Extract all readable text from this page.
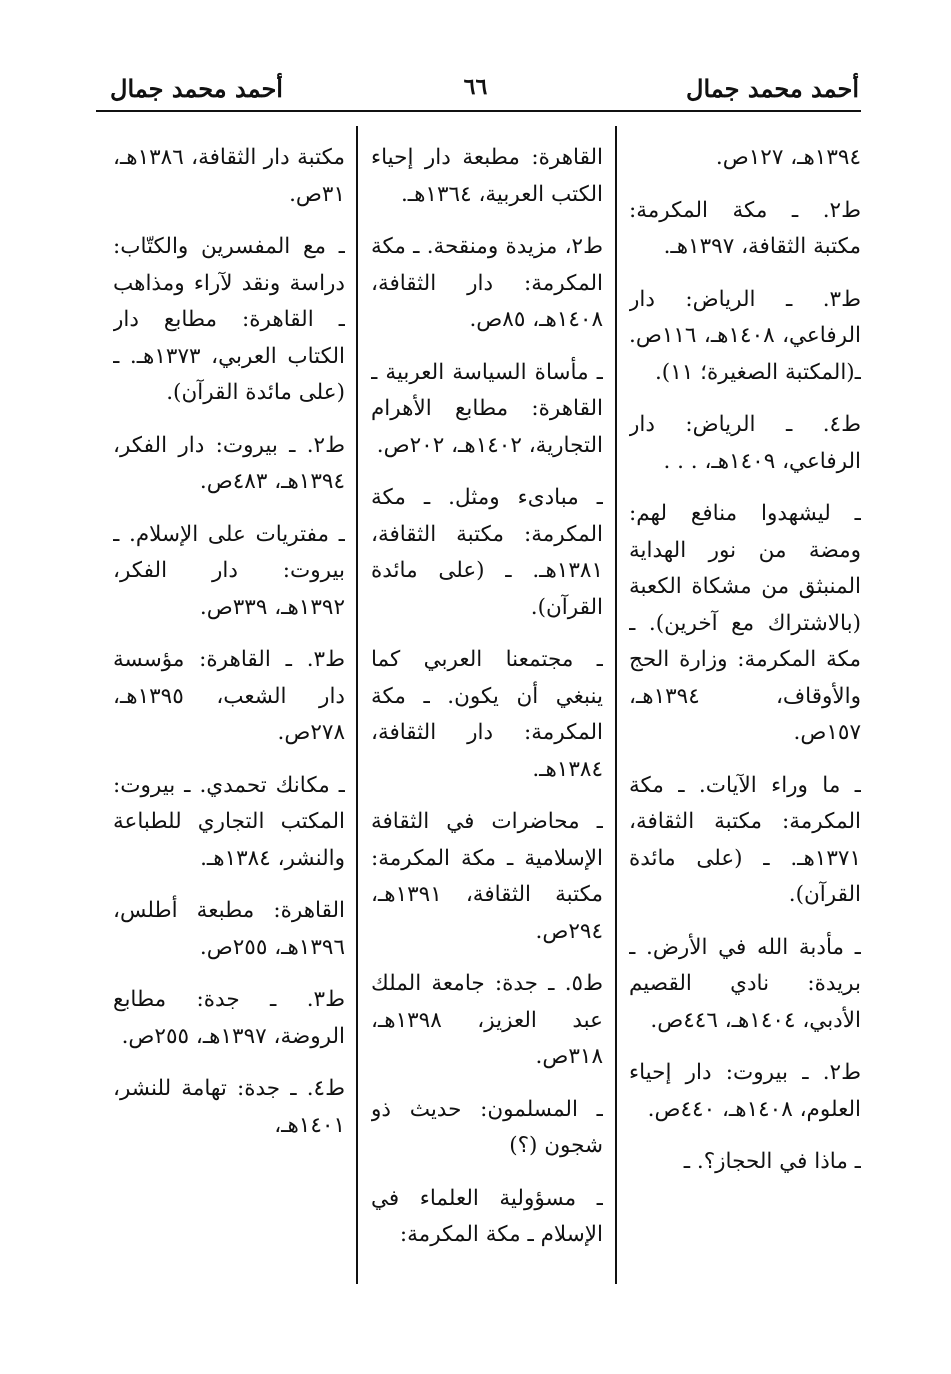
أحمد محمد جمال
٦٦
أحمد محمد جمال

١٣٩٤هـ، ١٢٧ص.

ط٢. ـ مكة المكرمة: مكتبة الثقافة، ١٣٩٧هـ.

ط٣. ـ الرياض: دار الرفاعي، ١٤٠٨هـ، ١١٦ص. ـ(المكتبة الصغيرة؛ ١١).

ط٤. ـ الرياض: دار الرفاعي، ١٤٠٩هـ، . . .

ـ ليشهدوا منافع لهم: ومضة من نور الهداية المنبثق من مشكاة الكعبة (بالاشتراك مع آخرين). ـ مكة المكرمة: وزارة الحج والأوقاف، ١٣٩٤هـ، ١٥٧ص.

ـ ما وراء الآيات. ـ مكة المكرمة: مكتبة الثقافة، ١٣٧١هـ. ـ (على مائدة القرآن).

ـ مأدبة الله في الأرض. ـ بريدة: نادي القصيم الأدبي، ١٤٠٤هـ، ٤٤٦ص.

ط٢. ـ بيروت: دار إحياء العلوم، ١٤٠٨هـ، ٤٤٠ص.

ـ ماذا في الحجاز؟. ـ

القاهرة: مطبعة دار إحياء الكتب العربية، ١٣٦٤هـ.

ط٢، مزيدة ومنقحة. ـ مكة المكرمة: دار الثقافة، ١٤٠٨هـ، ٨٥ص.

ـ مأساة السياسة العربية ـ القاهرة: مطابع الأهرام التجارية، ١٤٠٢هـ، ٢٠٢ص.

ـ مبادىء ومثل. ـ مكة المكرمة: مكتبة الثقافة، ١٣٨١هـ. ـ (على مائدة القرآن).

ـ مجتمعنا العربي كما ينبغي أن يكون. ـ مكة المكرمة: دار الثقافة، ١٣٨٤هـ.

ـ محاضرات في الثقافة الإسلامية ـ مكة المكرمة: مكتبة الثقافة، ١٣٩١هـ، ٢٩٤ص.

ط٥. ـ جدة: جامعة الملك عبد العزيز، ١٣٩٨هـ، ٣١٨ص.

ـ المسلمون: حديث ذو شجون (؟)

ـ مسؤولية العلماء في الإسلام ـ مكة المكرمة:

مكتبة دار الثقافة، ١٣٨٦هـ، ٣١ص.

ـ مع المفسرين والكتّاب: دراسة ونقد لآراء ومذاهب ـ القاهرة: مطابع دار الكتاب العربي، ١٣٧٣هـ. ـ (على مائدة القرآن).

ط٢. ـ بيروت: دار الفكر، ١٣٩٤هـ، ٤٨٣ص.

ـ مفتريات على الإسلام. ـ بيروت: دار الفكر، ١٣٩٢هـ، ٣٣٩ص.

ط٣. ـ القاهرة: مؤسسة دار الشعب، ١٣٩٥هـ، ٢٧٨ص.

ـ مكانك تحمدي. ـ بيروت: المكتب التجاري للطباعة والنشر، ١٣٨٤هـ.

القاهرة: مطبعة أطلس، ١٣٩٦هـ، ٢٥٥ص.

ط٣. ـ جدة: مطابع الروضة، ١٣٩٧هـ، ٢٥٥ص.

ط٤. ـ جدة: تهامة للنشر، ١٤٠١هـ،
